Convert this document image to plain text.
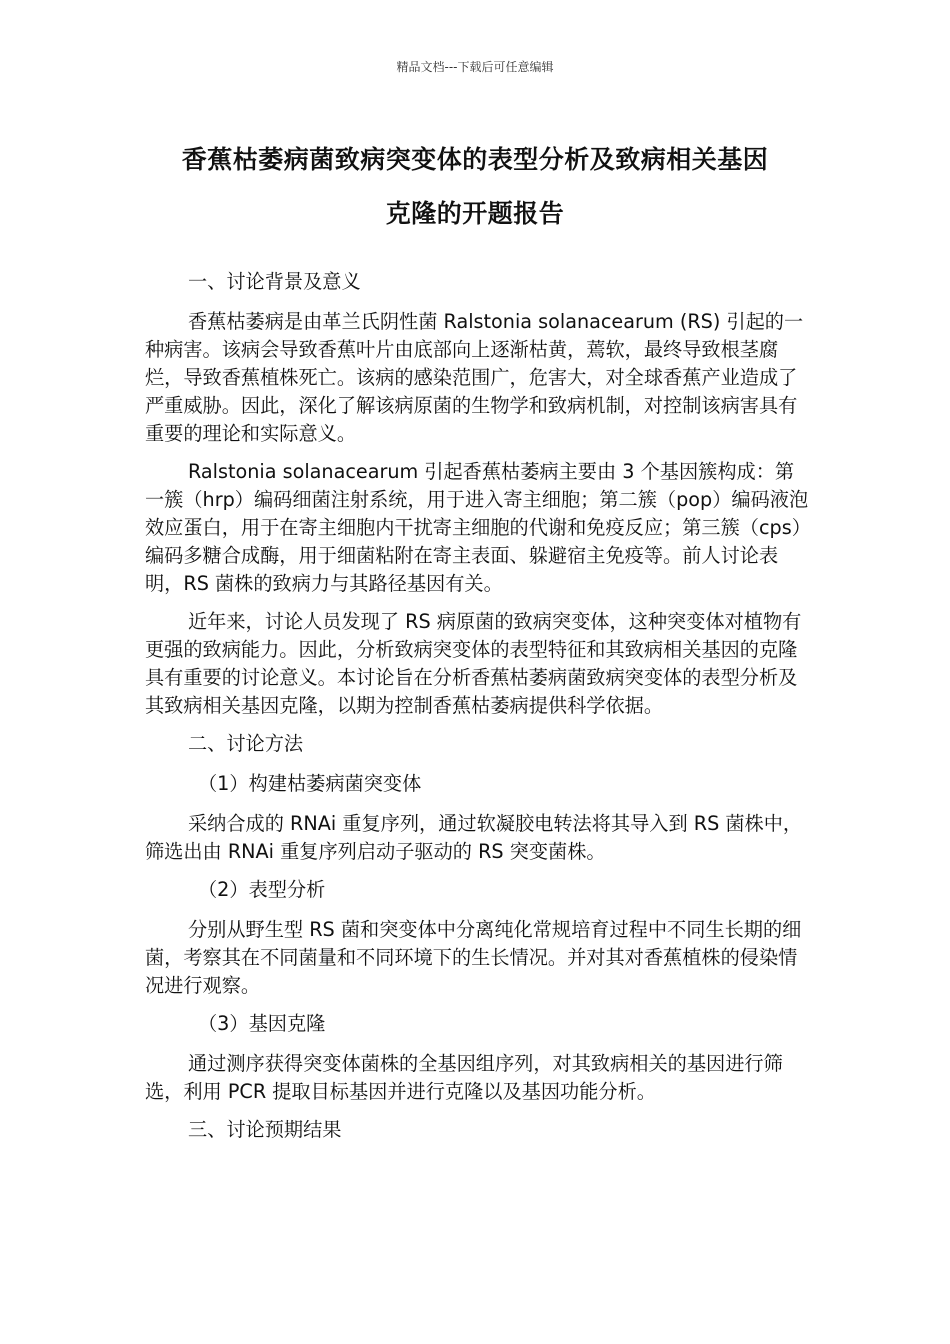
精品文档---下载后可任意编辑
香蕉枯萎病菌致病突变体的表型分析及致病相关基因
克隆的开题报告

一、讨论背景及意义

香蕉枯萎病是由革兰氏阴性菌 Ralstonia solanacearum (RS) 引起的一种病害。该病会导致香蕉叶片由底部向上逐渐枯黄，蔫软，最终导致根茎腐烂，导致香蕉植株死亡。该病的感染范围广，危害大，对全球香蕉产业造成了严重威胁。因此，深化了解该病原菌的生物学和致病机制，对控制该病害具有重要的理论和实际意义。

Ralstonia solanacearum 引起香蕉枯萎病主要由 3 个基因簇构成：第一簇（hrp）编码细菌注射系统，用于进入寄主细胞；第二簇（pop）编码液泡效应蛋白，用于在寄主细胞内干扰寄主细胞的代谢和免疫反应；第三簇（cps）编码多糖合成酶，用于细菌粘附在寄主表面、躲避宿主免疫等。前人讨论表明，RS 菌株的致病力与其路径基因有关。

近年来，讨论人员发现了 RS 病原菌的致病突变体，这种突变体对植物有更强的致病能力。因此，分析致病突变体的表型特征和其致病相关基因的克隆具有重要的讨论意义。本讨论旨在分析香蕉枯萎病菌致病突变体的表型分析及其致病相关基因克隆，以期为控制香蕉枯萎病提供科学依据。

二、讨论方法

（1）构建枯萎病菌突变体

采纳合成的 RNAi 重复序列，通过软凝胶电转法将其导入到 RS 菌株中，筛选出由 RNAi 重复序列启动子驱动的 RS 突变菌株。

（2）表型分析

分别从野生型 RS 菌和突变体中分离纯化常规培育过程中不同生长期的细菌，考察其在不同菌量和不同环境下的生长情况。并对其对香蕉植株的侵染情况进行观察。

（3）基因克隆

通过测序获得突变体菌株的全基因组序列，对其致病相关的基因进行筛选，利用 PCR 提取目标基因并进行克隆以及基因功能分析。

三、讨论预期结果
